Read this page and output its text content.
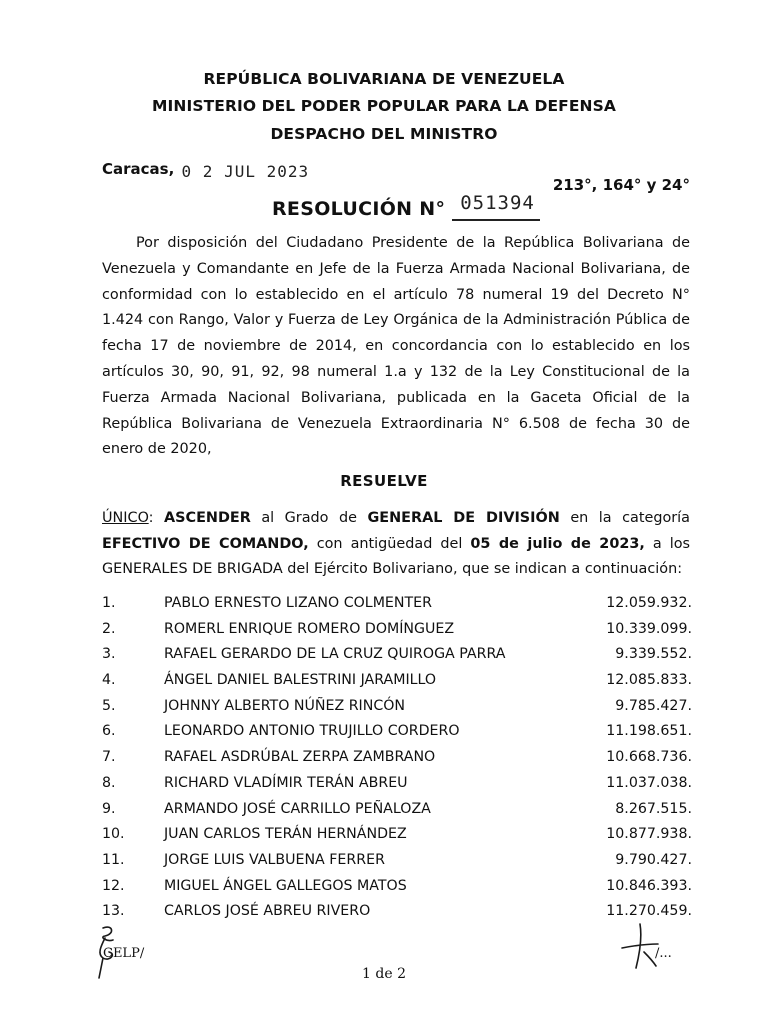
REPÚBLICA BOLIVARIANA DE VENEZUELA
MINISTERIO DEL PODER POPULAR PARA LA DEFENSA
DESPACHO DEL MINISTRO
Caracas, 0 2 JUL 2023
213°, 164° y 24°
RESOLUCIÓN N° 051394
Por disposición del Ciudadano Presidente de la República Bolivariana de Venezuela y Comandante en Jefe de la Fuerza Armada Nacional Bolivariana, de conformidad con lo establecido en el artículo 78 numeral 19 del Decreto N° 1.424 con Rango, Valor y Fuerza de Ley Orgánica de la Administración Pública de fecha 17 de noviembre de 2014, en concordancia con lo establecido en los artículos 30, 90, 91, 92, 98 numeral 1.a y 132 de la Ley Constitucional de la Fuerza Armada Nacional Bolivariana, publicada en la Gaceta Oficial de la República Bolivariana de Venezuela Extraordinaria N° 6.508 de fecha 30 de enero de 2020,
RESUELVE
ÚNICO: ASCENDER al Grado de GENERAL DE DIVISIÓN en la categoría EFECTIVO DE COMANDO, con antigüedad del 05 de julio de 2023, a los GENERALES DE BRIGADA del Ejército Bolivariano, que se indican a continuación:
1.	PABLO ERNESTO LIZANO COLMENTER	12.059.932.
2.	ROMERL ENRIQUE ROMERO DOMÍNGUEZ	10.339.099.
3.	RAFAEL GERARDO DE LA CRUZ QUIROGA PARRA	9.339.552.
4.	ÁNGEL DANIEL BALESTRINI JARAMILLO	12.085.833.
5.	JOHNNY ALBERTO NÚÑEZ RINCÓN	9.785.427.
6.	LEONARDO ANTONIO TRUJILLO CORDERO	11.198.651.
7.	RAFAEL ASDRÚBAL ZERPA ZAMBRANO	10.668.736.
8.	RICHARD VLADÍMIR TERÁN ABREU	11.037.038.
9.	ARMANDO JOSÉ CARRILLO PEÑALOZA	8.267.515.
10.	JUAN CARLOS TERÁN HERNÁNDEZ	10.877.938.
11.	JORGE LUIS VALBUENA FERRER	9.790.427.
12.	MIGUEL ÁNGEL GALLEGOS MATOS	10.846.393.
13.	CARLOS JOSÉ ABREU RIVERO	11.270.459.
CELP/	/...
1 de 2
